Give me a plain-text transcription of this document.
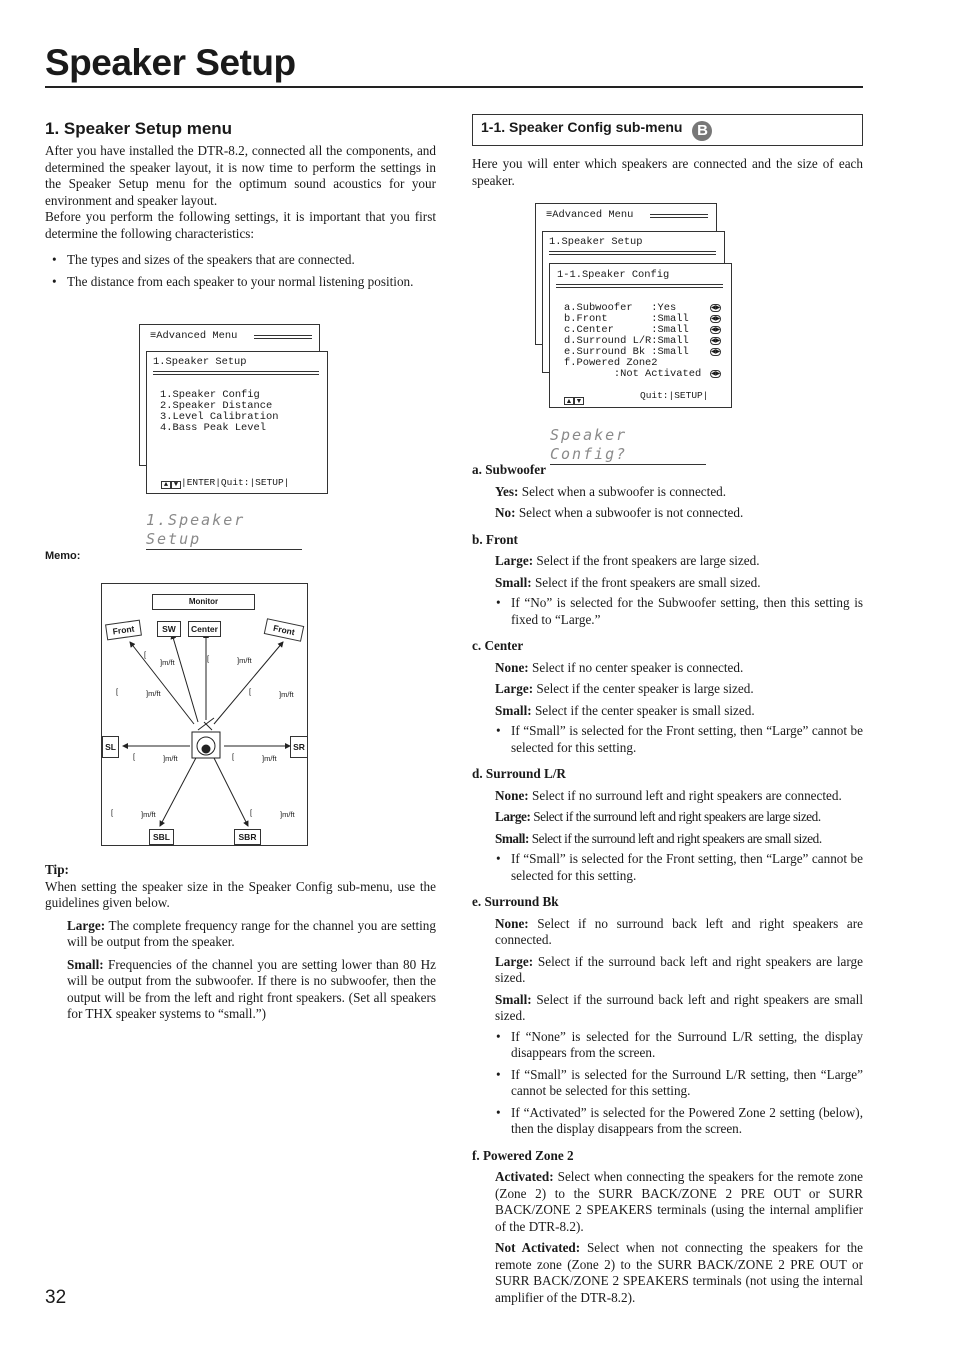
Speaker Setup
1. Speaker Setup menu

After you have installed the DTR-8.2, connected all the components, and determined the speaker layout, it is now time to perform the settings in the Speaker Setup menu for the optimum sound acoustics for your environment and speaker layout.

Before you perform the following settings, it is important that you first determine the following characteristics:

• The types and sizes of the speakers that are connected.
• The distance from each speaker to your normal listening position.
≡Advanced Menu
1.Speaker Setup
1.Speaker Config
2.Speaker Distance
3.Level Calibration
4.Bass Peak Level
▲ ▼ |ENTER|Quit:|SETUP|
1.Speaker Setup
Memo:
Monitor
Front	SW	Center	Front
SL	SR
SBL	SBR
[
]m/ft	[	]m/ft
[	]m/ft	[	]m/ft
[	]m/ft	[	]m/ft
[	]m/ft	[	]m/ft
Tip:

When setting the speaker size in the Speaker Config sub-menu, use the guidelines given below.

Large: The complete frequency range for the channel you are setting will be output from the speaker.

Small: Frequencies of the channel you are setting lower than 80 Hz will be output from the subwoofer. If there is no subwoofer, then the output will be from the left and right front speakers. (Set all speakers for THX speaker systems to “small.”)

1-1. Speaker Config sub-menu B

Here you will enter which speakers are connected and the size of each speaker.

≡Advanced Menu
1.Speaker Setup
1-1.Speaker Config
a.Subwoofer   :Yes
b.Front       :Small
c.Center      :Small
d.Surround L/R:Small
e.Surround Bk :Small
f.Powered Zone2
:Not Activated
◀▶
◀▶
◀▶
◀▶
◀▶
◀▶
▲ ▼	Quit:|SETUP|
Speaker Config?
a. Subwoofer

Yes: Select when a subwoofer is connected.

No: Select when a subwoofer is not connected.

b. Front

Large: Select if the front speakers are large sized.

Small: Select if the front speakers are small sized.

• If “No” is selected for the Subwoofer setting, then this setting is fixed to “Large.”
c. Center

None: Select if no center speaker is connected.

Large: Select if the center speaker is large sized.

Small: Select if the center speaker is small sized.

• If “Small” is selected for the Front setting, then “Large” cannot be selected for this setting.
d. Surround L/R

None: Select if no surround left and right speakers are connected.

Large: Select if the surround left and right speakers are large sized.

Small: Select if the surround left and right speakers are small sized.

• If “Small” is selected for the Front setting, then “Large” cannot be selected for this setting.
e. Surround Bk

None: Select if no surround back left and right speakers are connected.

Large: Select if the surround back left and right speakers are large sized.

Small: Select if the surround back left and right speakers are small sized.

• If “None” is selected for the Surround L/R setting, the display disappears from the screen.
• If “Small” is selected for the Surround L/R setting, then “Large” cannot be selected for this setting.
• If “Activated” is selected for the Powered Zone 2 setting (below), then the display disappears from the screen.
f. Powered Zone 2

Activated: Select when connecting the speakers for the remote zone (Zone 2) to the SURR BACK/ZONE 2 PRE OUT or SURR BACK/ZONE 2 SPEAKERS terminals (using the internal amplifier of the DTR-8.2).

Not Activated: Select when not connecting the speakers for the remote zone (Zone 2) to the SURR BACK/ZONE 2 PRE OUT or SURR BACK/ZONE 2 SPEAKERS terminals (not using the internal amplifier of the DTR-8.2).

32
